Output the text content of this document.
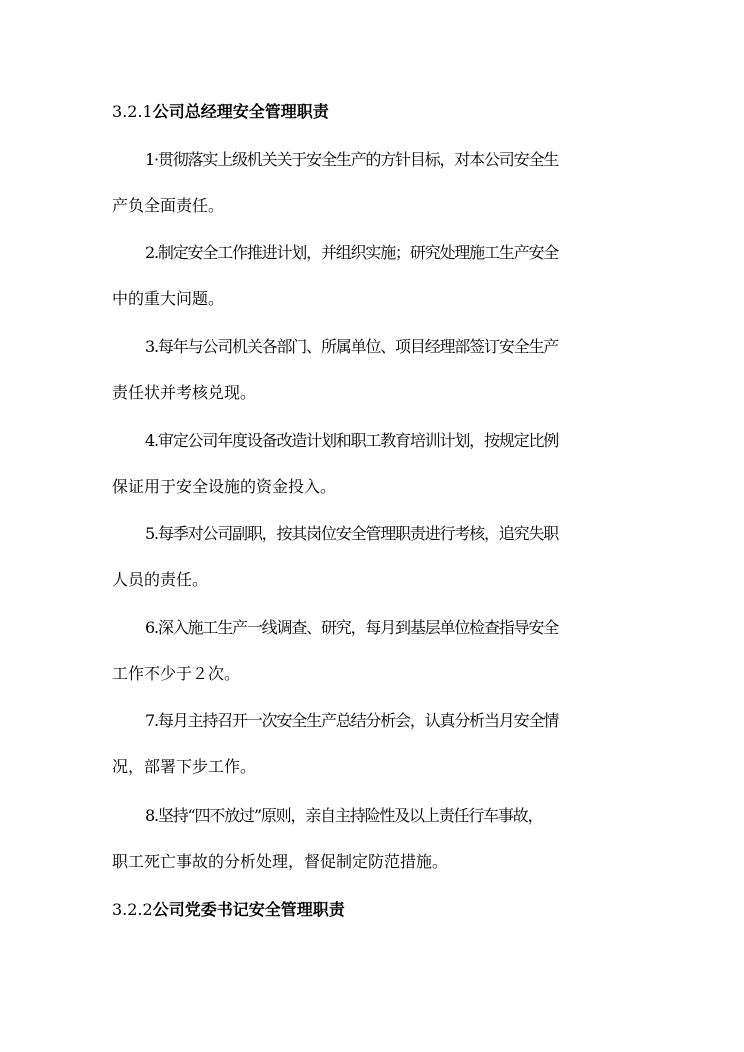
3.2.1公司总经理安全管理职责
1·贯彻落实上级机关关于安全生产的方针目标，对本公司安全生
产负全面责任。
2.制定安全工作推进计划，并组织实施；研究处理施工生产安全
中的重大问题。
3.每年与公司机关各部门、所属单位、项目经理部签订安全生产
责任状并考核兑现。
4.审定公司年度设备改造计划和职工教育培训计划，按规定比例
保证用于安全设施的资金投入。
5.每季对公司副职，按其岗位安全管理职责进行考核，追究失职
人员的责任。
6.深入施工生产一线调查、研究，每月到基层单位检查指导安全
工作不少于２次。
7.每月主持召开一次安全生产总结分析会，认真分析当月安全情
况，部署下步工作。
8.坚持“四不放过”原则，亲自主持险性及以上责任行车事故，
职工死亡事故的分析处理，督促制定防范措施。
3.2.2公司党委书记安全管理职责
